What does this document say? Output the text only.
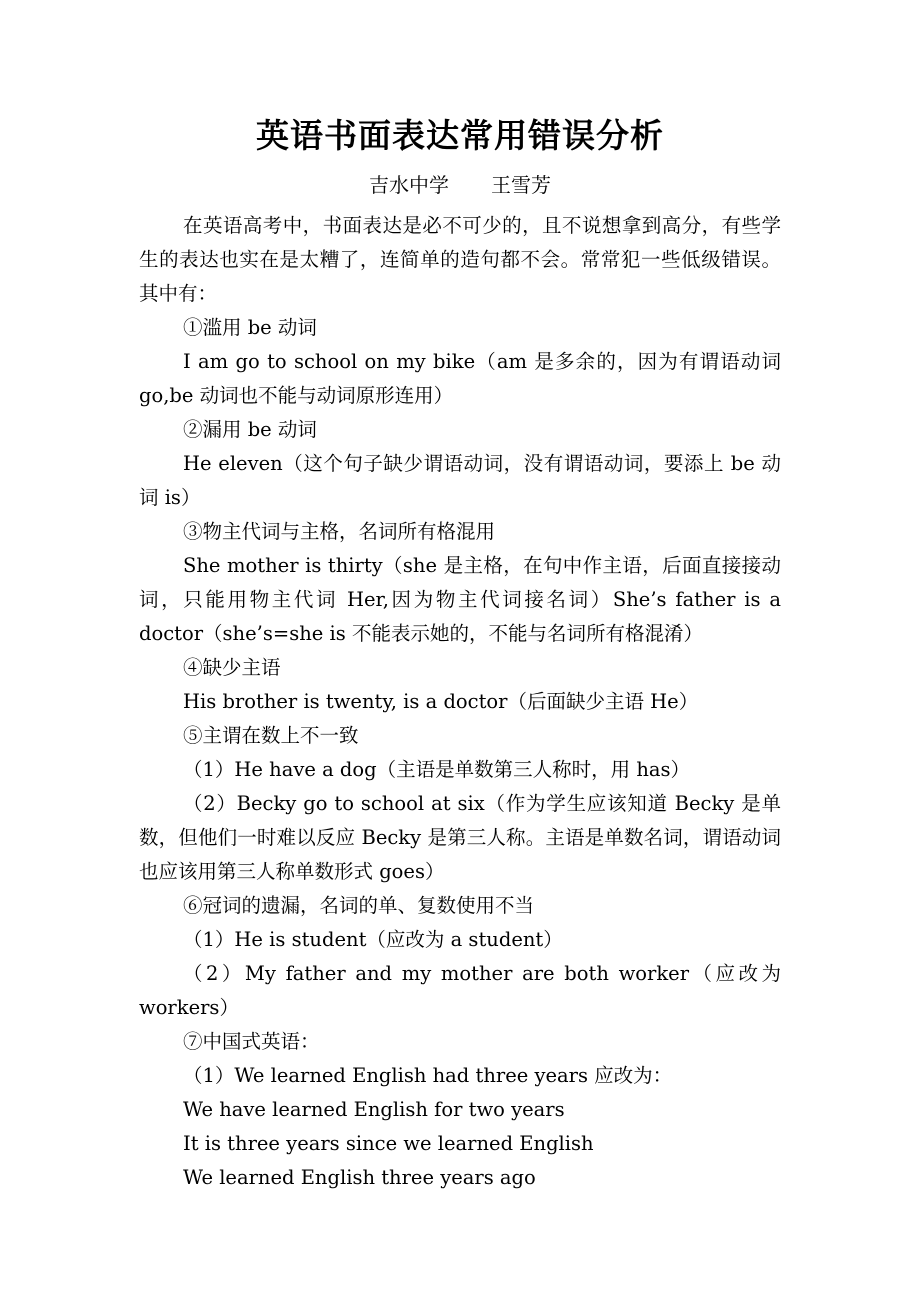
英语书面表达常用错误分析
吉水中学 王雪芳

在英语高考中，书面表达是必不可少的，且不说想拿到高分，有些学生的表达也实在是太糟了，连简单的造句都不会。常常犯一些低级错误。其中有：

①滥用 be 动词

I am go to school on my bike（am 是多余的，因为有谓语动词 go,be 动词也不能与动词原形连用）

②漏用 be 动词

He eleven（这个句子缺少谓语动词，没有谓语动词，要添上 be 动词 is）

③物主代词与主格，名词所有格混用

She mother is thirty（she 是主格，在句中作主语，后面直接接动词，只能用物主代词 Her,因为物主代词接名词）She’s father is a doctor（she’s=she is 不能表示她的，不能与名词所有格混淆）

④缺少主语

His brother is twenty, is a doctor（后面缺少主语 He）

⑤主谓在数上不一致

（1）He have a dog（主语是单数第三人称时，用 has）

（2）Becky go to school at six（作为学生应该知道 Becky 是单数，但他们一时难以反应 Becky 是第三人称。主语是单数名词，谓语动词也应该用第三人称单数形式 goes）

⑥冠词的遗漏，名词的单、复数使用不当

（1）He is student（应改为 a student）

（2）My father and my mother are both worker（应改为 workers）

⑦中国式英语：

（1）We learned English had three years 应改为：

We have learned English for two years

It is three years since we learned English

We learned English three years ago
